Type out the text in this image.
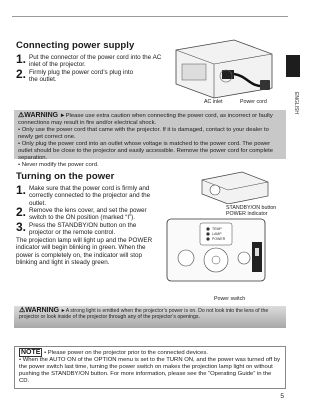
ENGLISH
Connecting power supply
1. Put the connector of the power cord into the AC inlet of the projector.
2. Firmly plug the power cord’s plug into the outlet.
AC inlet	Power cord
⚠WARNING ►Please use extra caution when connecting the power cord, as incorrect or faulty connections may result in fire and/or electrical shock.
• Only use the power cord that came with the projector. If it is damaged, contact to your dealer to newly get correct one.
• Only plug the power cord into an outlet whose voltage is matched to the power cord. The power outlet should be close to the projector and easily accessible. Remove the power cord for complete separation.
• Never modify the power cord.
Turning on the power
1. Make sure that the power cord is firmly and correctly connected to the projector and the outlet.
2. Remove the lens cover, and set the power switch to the ON position (marked “I”).
3. Press the STANDBY/ON button on the projector or the remote control.
The projection lamp will light up and the POWER indicator will begin blinking in green. When the power is completely on, the indicator will stop blinking and light in steady green.
STANDBY/ON button
POWER indicator
TEMP
LAMP
POWER
Power switch
⚠WARNING ►A strong light is emitted when the projector’s power is on. Do not look into the lens of the projector or look inside of the projector through any of the projector’s openings.
NOTE • Please power on the projector prior to the connected devices.
• When the AUTO ON of the OPTION menu is set to the TURN ON, and the power was turned off by the power switch last time, turning the power switch on makes the projection lamp light on without pushing the STANDBY/ON button. For more information, please see the “Operating Guide” in the CD.
5
